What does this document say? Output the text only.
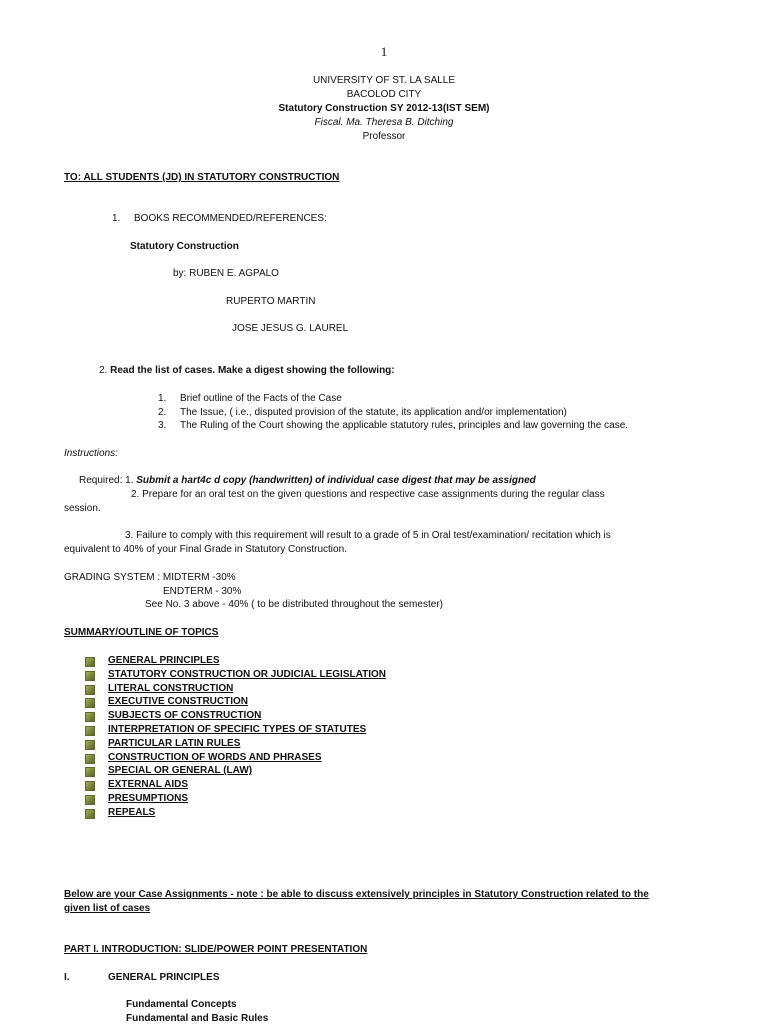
1
UNIVERSITY OF ST. LA SALLE
BACOLOD CITY
Statutory Construction SY 2012-13(IST SEM)
Fiscal. Ma. Theresa B. Ditching
Professor
TO: ALL STUDENTS (JD) IN STATUTORY CONSTRUCTION
1. BOOKS RECOMMENDED/REFERENCES:
Statutory Construction
by: RUBEN E. AGPALO
RUPERTO MARTIN
JOSE JESUS G. LAUREL
2. Read the list of cases. Make a digest showing the following:
1. Brief outline of the Facts of the Case
2. The Issue, ( i.e., disputed provision of the statute, its application and/or implementation)
3. The Ruling of the Court showing the applicable statutory rules, principles and law governing the case.
Instructions:
Required: 1. Submit a hart4c d copy (handwritten) of individual case digest that may be assigned
2. Prepare for an oral test on the given questions and respective case assignments during the regular class
session.
3. Failure to comply with this requirement will result to a grade of 5 in Oral test/examination/ recitation which is
equivalent to 40% of your Final Grade in Statutory Construction.
GRADING SYSTEM : MIDTERM -30%
ENDTERM - 30%
See No. 3 above - 40% ( to be distributed throughout the semester)
SUMMARY/OUTLINE OF TOPICS
GENERAL PRINCIPLES
STATUTORY CONSTRUCTION OR JUDICIAL LEGISLATION
LITERAL CONSTRUCTION
EXECUTIVE CONSTRUCTION
SUBJECTS OF CONSTRUCTION
INTERPRETATION OF SPECIFIC TYPES OF STATUTES
PARTICULAR LATIN RULES
CONSTRUCTION OF WORDS AND PHRASES
SPECIAL OR GENERAL (LAW)
EXTERNAL AIDS
PRESUMPTIONS
REPEALS
Below are your Case Assignments - note : be able to discuss extensively principles in Statutory Construction related to the
given list of cases
PART I. INTRODUCTION: SLIDE/POWER POINT PRESENTATION
I.	GENERAL PRINCIPLES
Fundamental Concepts
Fundamental and Basic Rules
